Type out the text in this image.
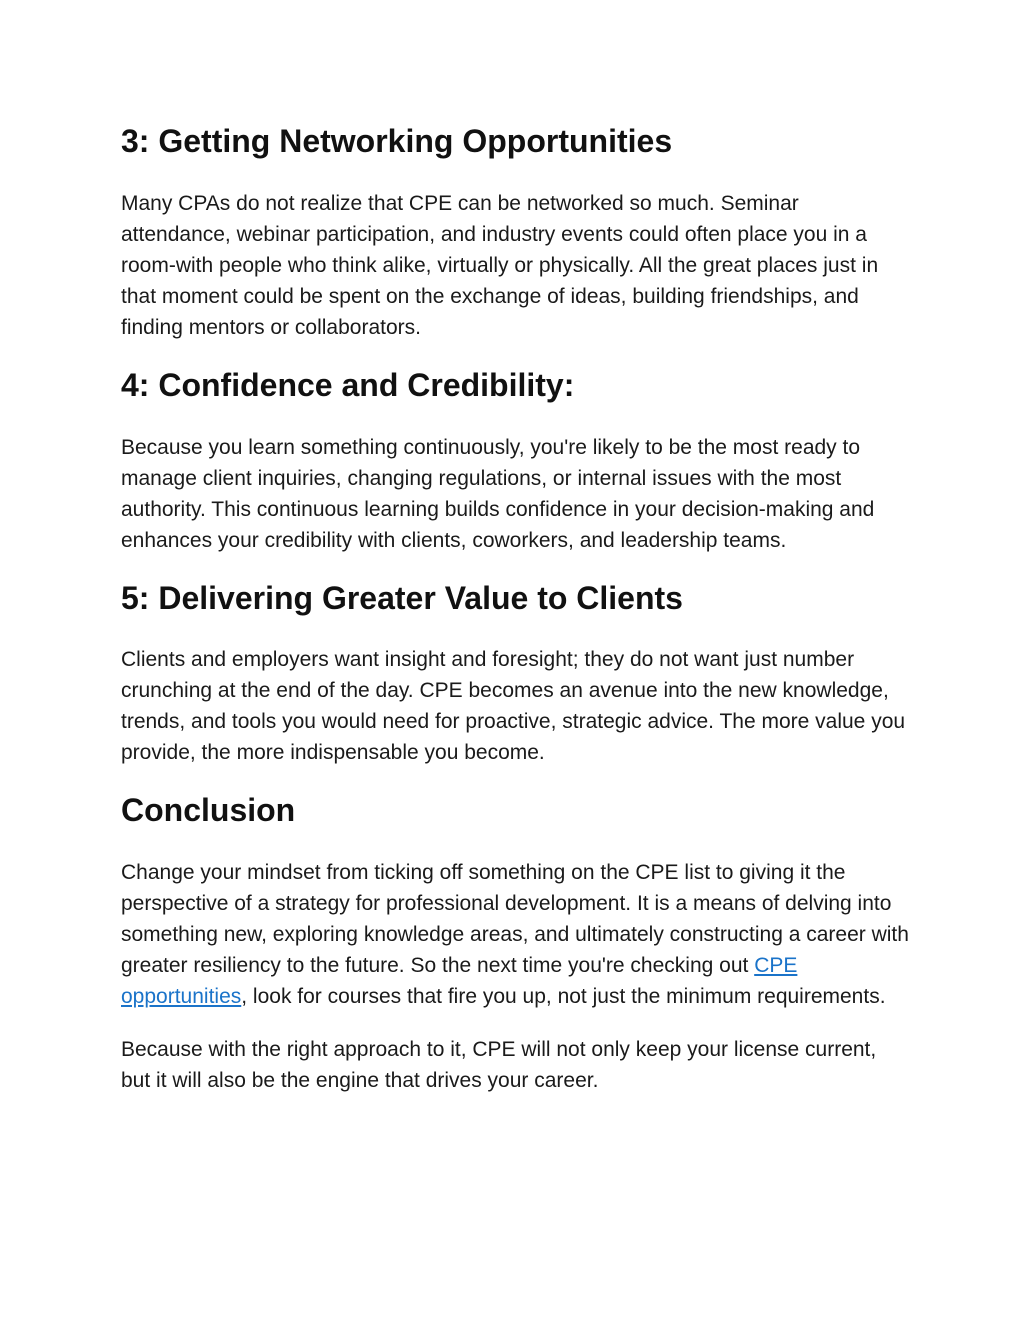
3: Getting Networking Opportunities

Many CPAs do not realize that CPE can be networked so much. Seminar attendance, webinar participation, and industry events could often place you in a room-with people who think alike, virtually or physically. All the great places just in that moment could be spent on the exchange of ideas, building friendships, and finding mentors or collaborators.

4: Confidence and Credibility:

Because you learn something continuously, you're likely to be the most ready to manage client inquiries, changing regulations, or internal issues with the most authority. This continuous learning builds confidence in your decision-making and enhances your credibility with clients, coworkers, and leadership teams.

5: Delivering Greater Value to Clients

Clients and employers want insight and foresight; they do not want just number crunching at the end of the day. CPE becomes an avenue into the new knowledge, trends, and tools you would need for proactive, strategic advice. The more value you provide, the more indispensable you become.

Conclusion

Change your mindset from ticking off something on the CPE list to giving it the perspective of a strategy for professional development. It is a means of delving into something new, exploring knowledge areas, and ultimately constructing a career with greater resiliency to the future. So the next time you're checking out CPE opportunities, look for courses that fire you up, not just the minimum requirements.

Because with the right approach to it, CPE will not only keep your license current, but it will also be the engine that drives your career.
